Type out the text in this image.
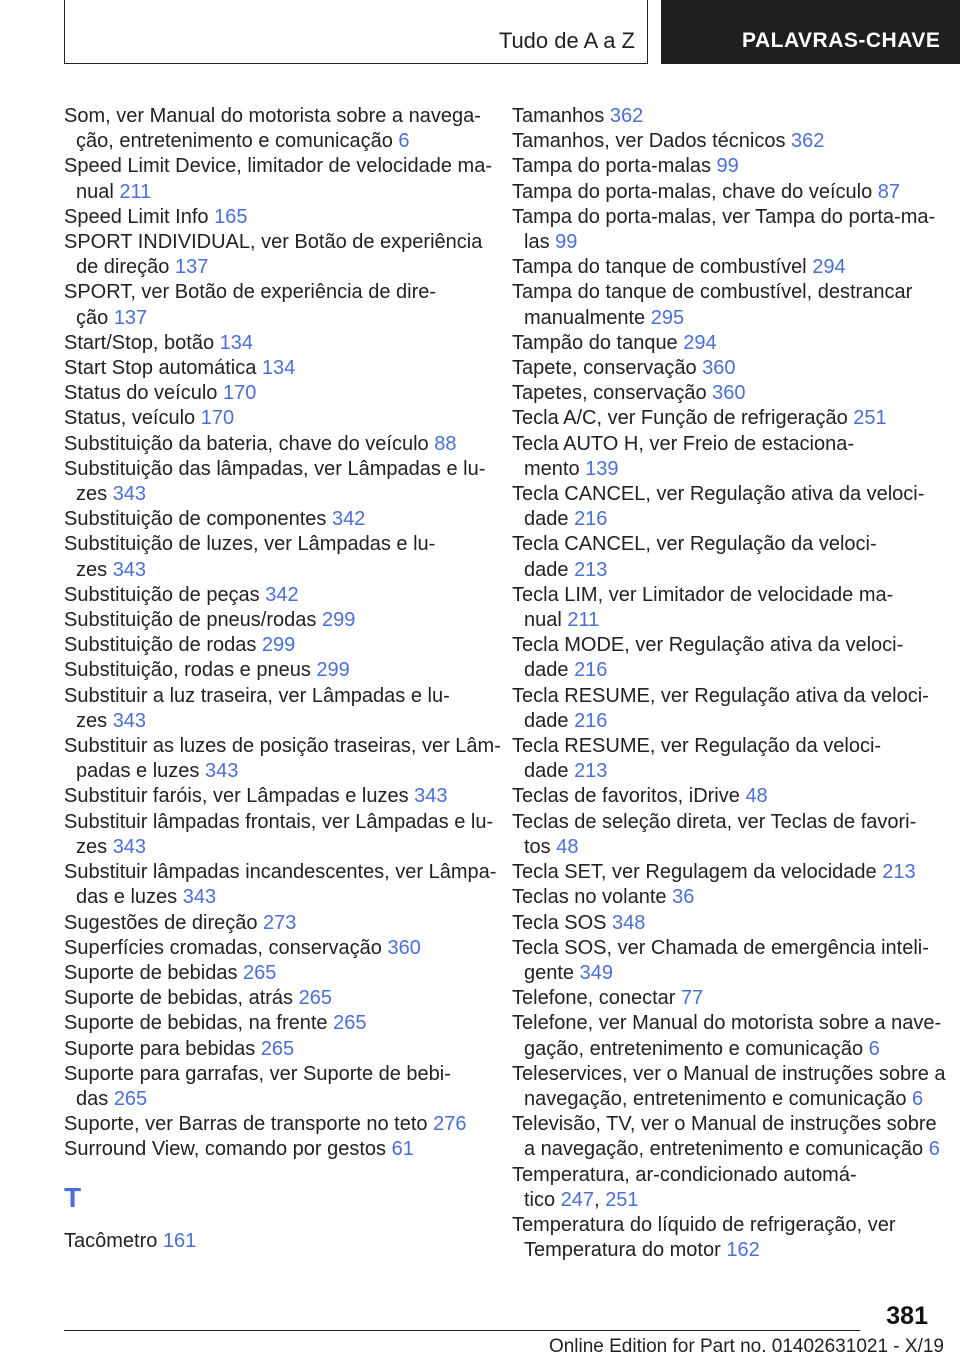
Tudo de A a Z	PALAVRAS-CHAVE
Som, ver Manual do motorista sobre a navega-
ção, entretenimento e comunicação 6
Speed Limit Device, limitador de velocidade ma-
nual 211
Speed Limit Info 165
SPORT INDIVIDUAL, ver Botão de experiência
de direção 137
SPORT, ver Botão de experiência de dire-
ção 137
Start/Stop, botão 134
Start Stop automática 134
Status do veículo 170
Status, veículo 170
Substituição da bateria, chave do veículo 88
Substituição das lâmpadas, ver Lâmpadas e lu-
zes 343
Substituição de componentes 342
Substituição de luzes, ver Lâmpadas e lu-
zes 343
Substituição de peças 342
Substituição de pneus/rodas 299
Substituição de rodas 299
Substituição, rodas e pneus 299
Substituir a luz traseira, ver Lâmpadas e lu-
zes 343
Substituir as luzes de posição traseiras, ver Lâm-
padas e luzes 343
Substituir faróis, ver Lâmpadas e luzes 343
Substituir lâmpadas frontais, ver Lâmpadas e lu-
zes 343
Substituir lâmpadas incandescentes, ver Lâmpa-
das e luzes 343
Sugestões de direção 273
Superfícies cromadas, conservação 360
Suporte de bebidas 265
Suporte de bebidas, atrás 265
Suporte de bebidas, na frente 265
Suporte para bebidas 265
Suporte para garrafas, ver Suporte de bebi-
das 265
Suporte, ver Barras de transporte no teto 276
Surround View, comando por gestos 61
T
Tacômetro 161
Tamanhos 362
Tamanhos, ver Dados técnicos 362
Tampa do porta-malas 99
Tampa do porta-malas, chave do veículo 87
Tampa do porta-malas, ver Tampa do porta-ma-
las 99
Tampa do tanque de combustível 294
Tampa do tanque de combustível, destrancar
manualmente 295
Tampão do tanque 294
Tapete, conservação 360
Tapetes, conservação 360
Tecla A/C, ver Função de refrigeração 251
Tecla AUTO H, ver Freio de estaciona-
mento 139
Tecla CANCEL, ver Regulação ativa da veloci-
dade 216
Tecla CANCEL, ver Regulação da veloci-
dade 213
Tecla LIM, ver Limitador de velocidade ma-
nual 211
Tecla MODE, ver Regulação ativa da veloci-
dade 216
Tecla RESUME, ver Regulação ativa da veloci-
dade 216
Tecla RESUME, ver Regulação da veloci-
dade 213
Teclas de favoritos, iDrive 48
Teclas de seleção direta, ver Teclas de favori-
tos 48
Tecla SET, ver Regulagem da velocidade 213
Teclas no volante 36
Tecla SOS 348
Tecla SOS, ver Chamada de emergência inteli-
gente 349
Telefone, conectar 77
Telefone, ver Manual do motorista sobre a nave-
gação, entretenimento e comunicação 6
Teleservices, ver o Manual de instruções sobre a
navegação, entretenimento e comunicação 6
Televisão, TV, ver o Manual de instruções sobre
a navegação, entretenimento e comunicação 6
Temperatura, ar-condicionado automá-
tico 247, 251
Temperatura do líquido de refrigeração, ver
Temperatura do motor 162
381
Online Edition for Part no. 01402631021 - X/19
